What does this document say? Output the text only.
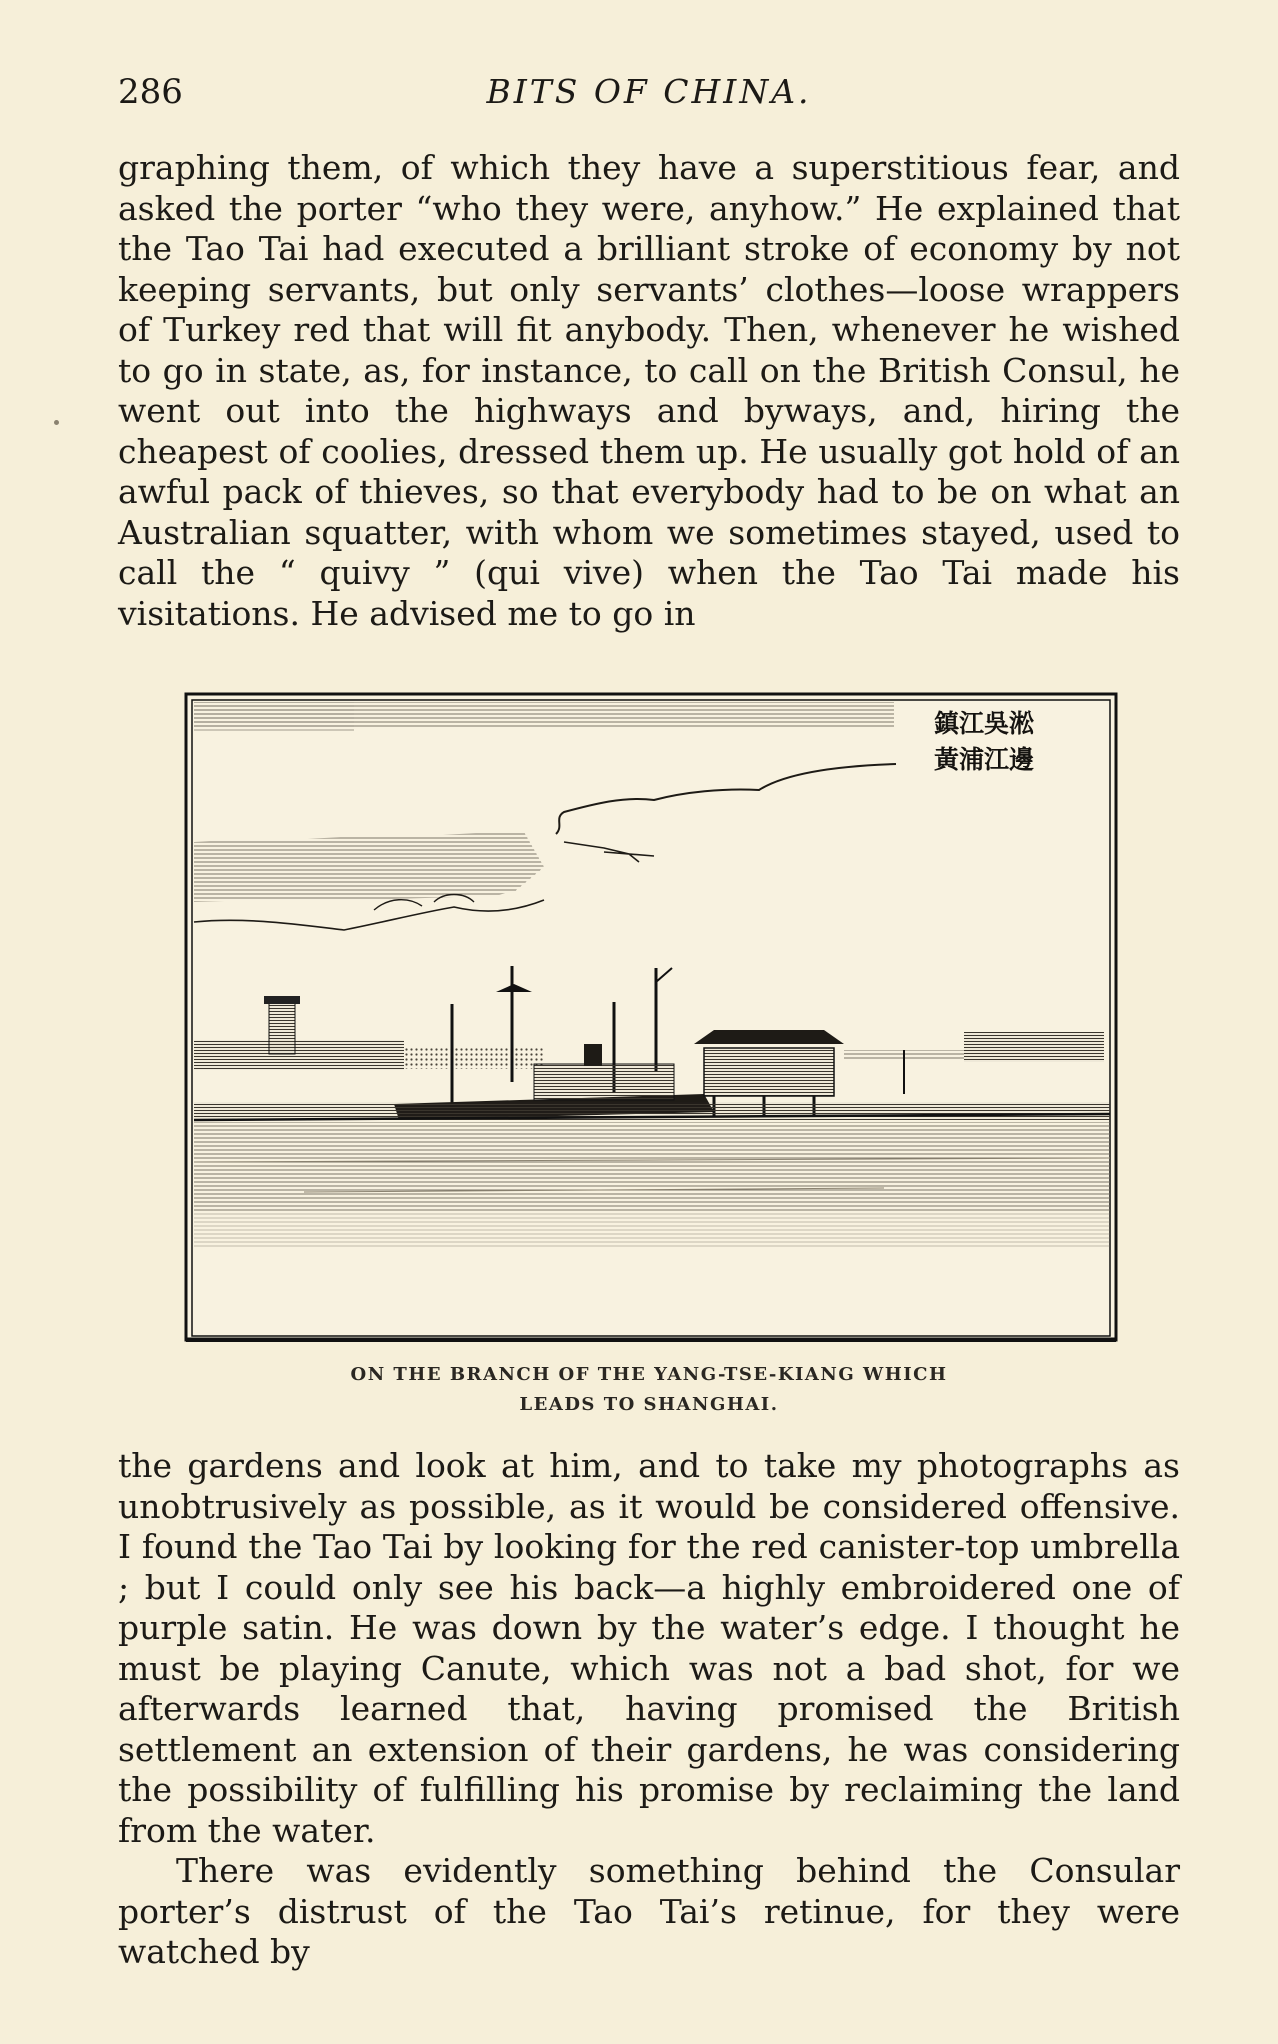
286	BITS OF CHINA.

graphing them, of which they have a superstitious fear, and asked the porter “who they were, anyhow.” He explained that the Tao Tai had executed a brilliant stroke of economy by not keeping servants, but only servants’ clothes—loose wrappers of Turkey red that will fit anybody. Then, whenever he wished to go in state, as, for instance, to call on the British Consul, he went out into the highways and byways, and, hiring the cheapest of coolies, dressed them up. He usually got hold of an awful pack of thieves, so that everybody had to be on what an Australian squatter, with whom we sometimes stayed, used to call the “ quivy ” (qui vive) when the Tao Tai made his visitations. He advised me to go in

鎮江吳淞
黃浦江邊
ON THE BRANCH OF THE YANG-TSE-KIANG WHICH
LEADS TO SHANGHAI.

the gardens and look at him, and to take my photographs as unobtrusively as possible, as it would be considered offensive. I found the Tao Tai by looking for the red canister-top umbrella ; but I could only see his back—a highly embroidered one of purple satin. He was down by the water’s edge. I thought he must be playing Canute, which was not a bad shot, for we afterwards learned that, having promised the British settlement an extension of their gardens, he was considering the possibility of fulfilling his promise by reclaiming the land from the water.

There was evidently something behind the Consular porter’s distrust of the Tao Tai’s retinue, for they were watched by
